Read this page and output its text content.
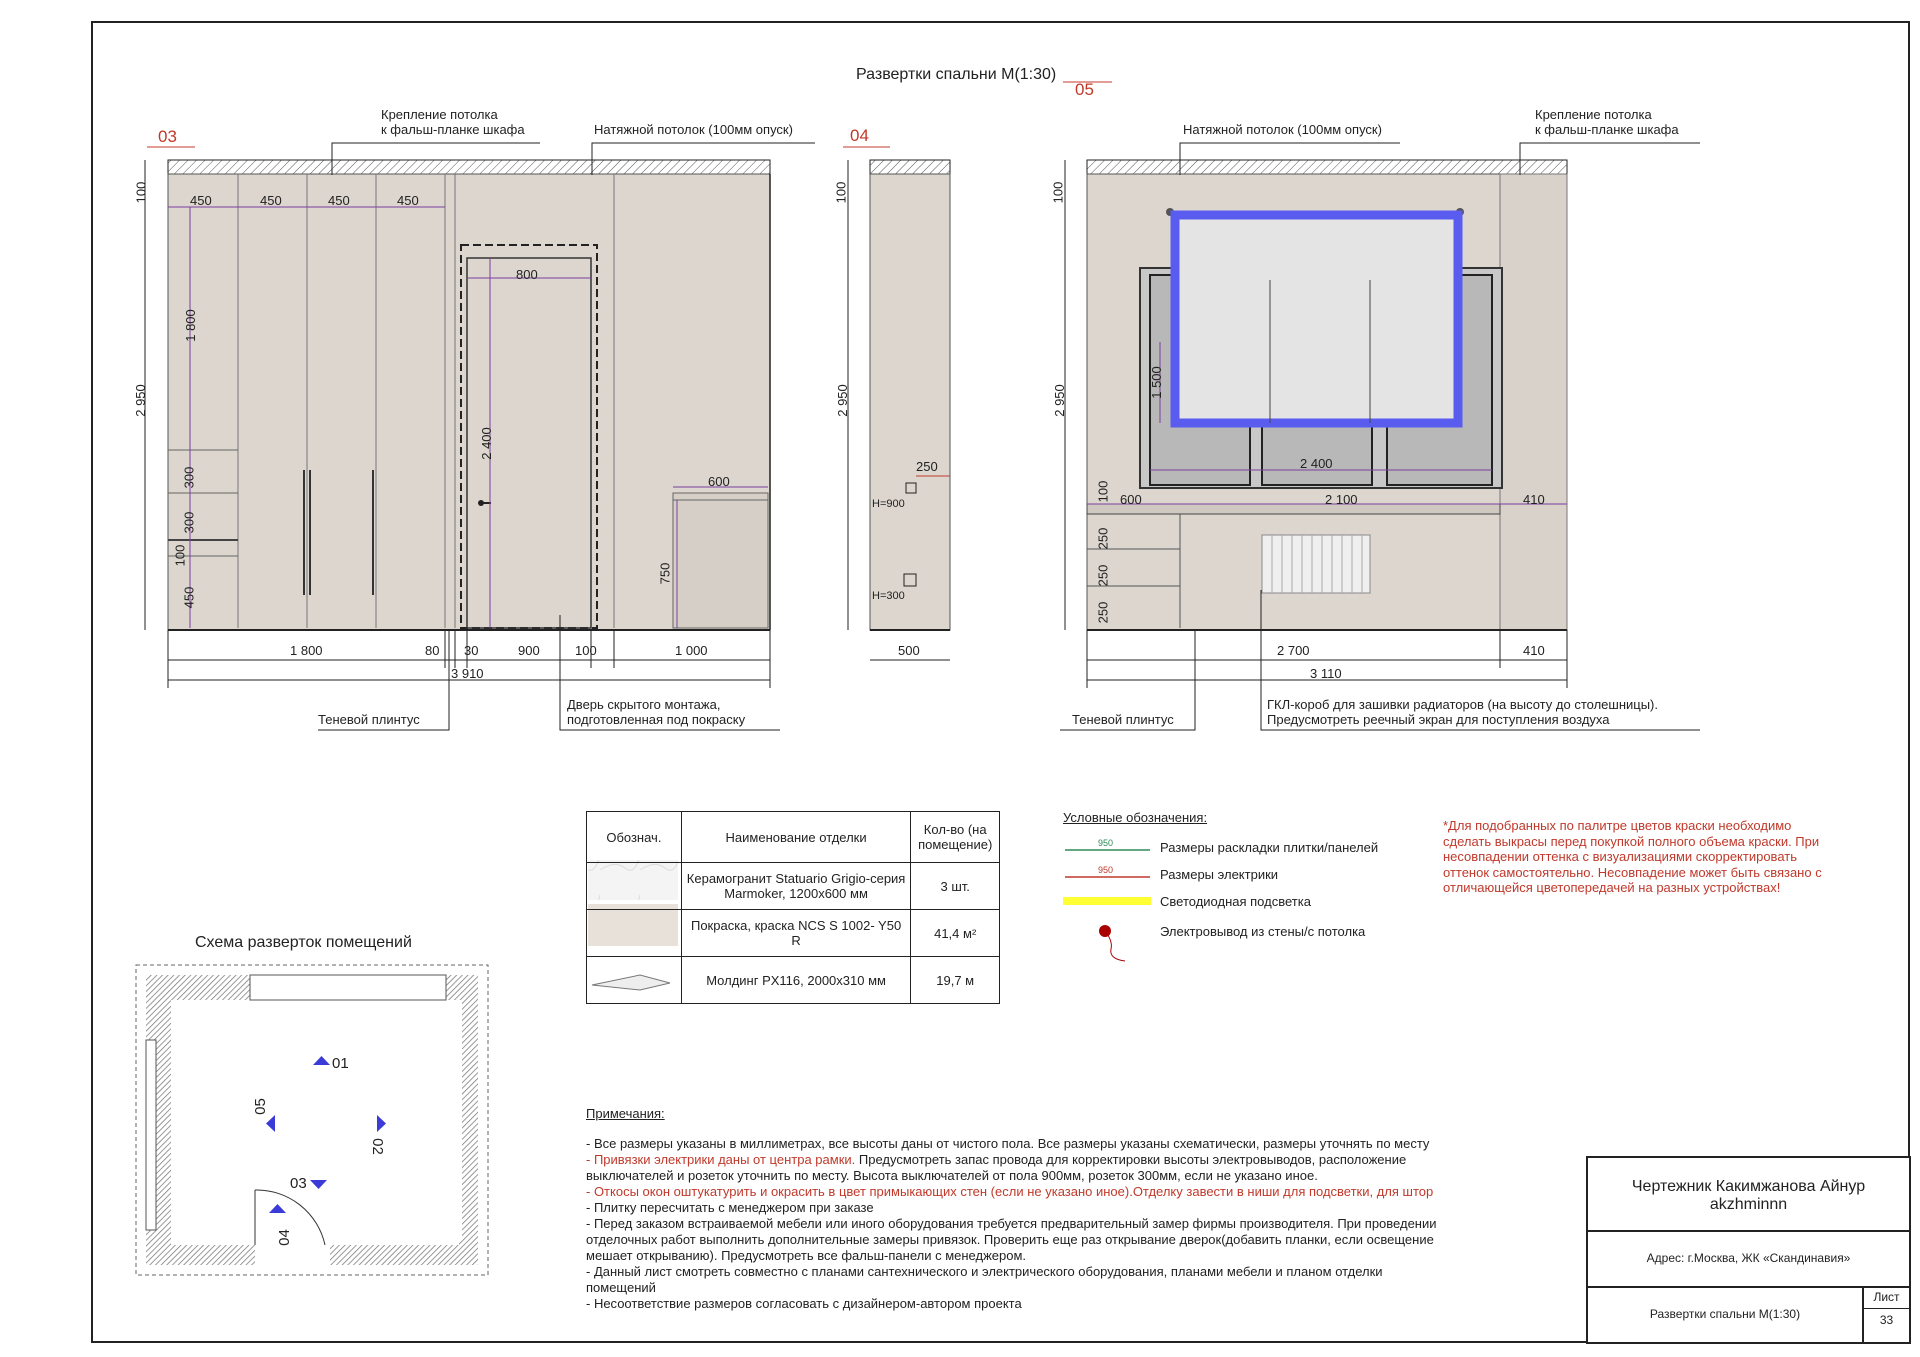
Развертки спальни М(1:30)
03	04
05
Крепление потолка
к фальш-планке шкафа	Натяжной потолок (100мм опуск)	Натяжной потолок (100мм опуск)
Крепление потолка
к фальш-планке шкафа
Теневой плинтус
Дверь скрытого монтажа,
подготовленная под покраску	Теневой плинтус
ГКЛ-короб для зашивки радиаторов (на высоту до столешницы).
Предусмотреть реечный экран для поступления воздуха
450	450	450	450
800
1 800
2 400
2 950
100
300
300
100
450
600
750
1 800	80 30	900	100	1 000
3 910
100
2 950
250
H=900
H=300
500
100
2 950
1 500
2 400
600	2 100	410
100
250
250
250
2 700	410
3 110
Обознач.	Наименование отделки	Кол-во (на помещение)
	Керамогранит Statuario Grigio-серия Marmoker, 1200x600 мм	3 шт.
	Покраска, краска NCS S 1002- Y50 R	41,4 м²
	Молдинг PX116, 2000x310 мм	19,7 м
Условные обозначения:
950
950
Размеры раскладки плитки/панелей
Размеры электрики
Светодиодная подсветка
Электровывод из стены/с потолка
*Для подобранных по палитре цветов краски необходимо сделать выкрасы перед покупкой полного объема краски. При несовпадении оттенка с визуализациями скорректировать оттенок самостоятельно. Несовпадение может быть связано с отличающейся цветопередачей на разных устройствах!
Схема разверток помещений
01
02
03
04
05	Примечания:
- Все размеры указаны в миллиметрах, все высоты даны от чистого пола. Все размеры указаны схематически, размеры уточнять по месту
- Привязки электрики даны от центра рамки. Предусмотреть запас провода для корректировки высоты электровыводов, расположение
выключателей и розеток уточнить по месту. Высота выключателей от пола 900мм, розеток 300мм, если не указано иное.
- Откосы окон оштукатурить и окрасить в цвет примыкающих стен (если не указано иное).Отделку завести в ниши для подсветки, для штор
- Плитку пересчитать с менеджером при заказе
- Перед заказом встраиваемой мебели или иного оборудования требуется предварительный замер фирмы производителя. При проведении
отделочных работ выполнить дополнительные замеры привязок. Проверить еще раз открывание дверок(добавить планки, если освещение
мешает открыванию). Предусмотреть все фальш-панели с менеджером.
- Данный лист смотреть совместно с планами сантехнического и электрического оборудования, планами мебели и планом отделки
помещений
- Несоответствие размеров согласовать с дизайнером-автором проекта
Чертежник Какимжанова Айнур
akzhminnn
Адрес: г.Москва, ЖК «Скандинавия»
Развертки спальни М(1:30)
Лист
33
